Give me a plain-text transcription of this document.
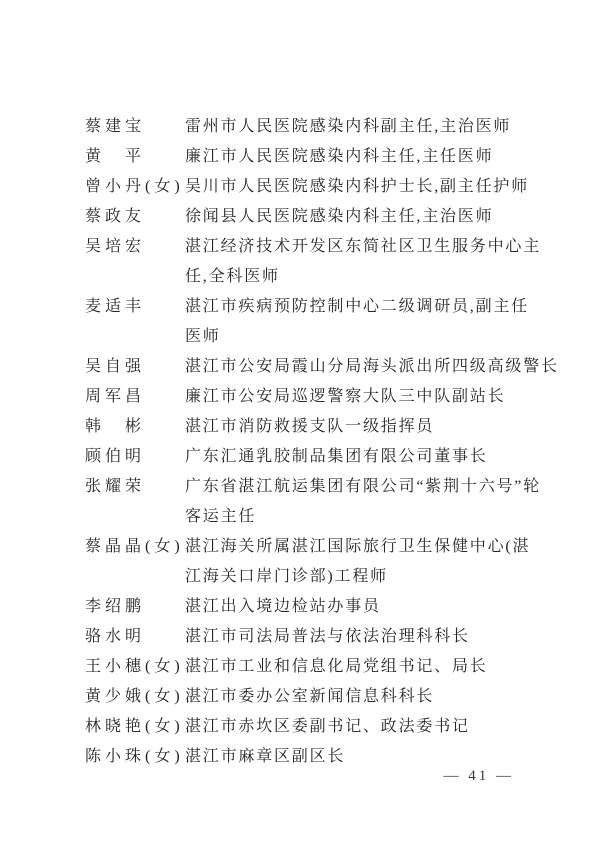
蔡建宝	雷州市人民医院感染内科副主任,主治医师
黄　平	廉江市人民医院感染内科主任,主任医师
曾小丹(女) 吴川市人民医院感染内科护士长,副主任护师
蔡政友	徐闻县人民医院感染内科主任,主治医师
吴培宏	湛江经济技术开发区东简社区卫生服务中心主
任,全科医师
麦适丰	湛江市疾病预防控制中心二级调研员,副主任
医师
吴自强	湛江市公安局霞山分局海头派出所四级高级警长
周军昌	廉江市公安局巡逻警察大队三中队副站长
韩　彬	湛江市消防救援支队一级指挥员
顾伯明	广东汇通乳胶制品集团有限公司董事长
张耀荣	广东省湛江航运集团有限公司“紫荆十六号”轮
客运主任
蔡晶晶(女) 湛江海关所属湛江国际旅行卫生保健中心(湛
江海关口岸门诊部)工程师
李绍鹏	湛江出入境边检站办事员
骆水明	湛江市司法局普法与依法治理科科长
王小穗(女) 湛江市工业和信息化局党组书记、局长
黄少娥(女) 湛江市委办公室新闻信息科科长
林晓艳(女) 湛江市赤坎区委副书记、政法委书记
陈小珠(女) 湛江市麻章区副区长
— 41 —
